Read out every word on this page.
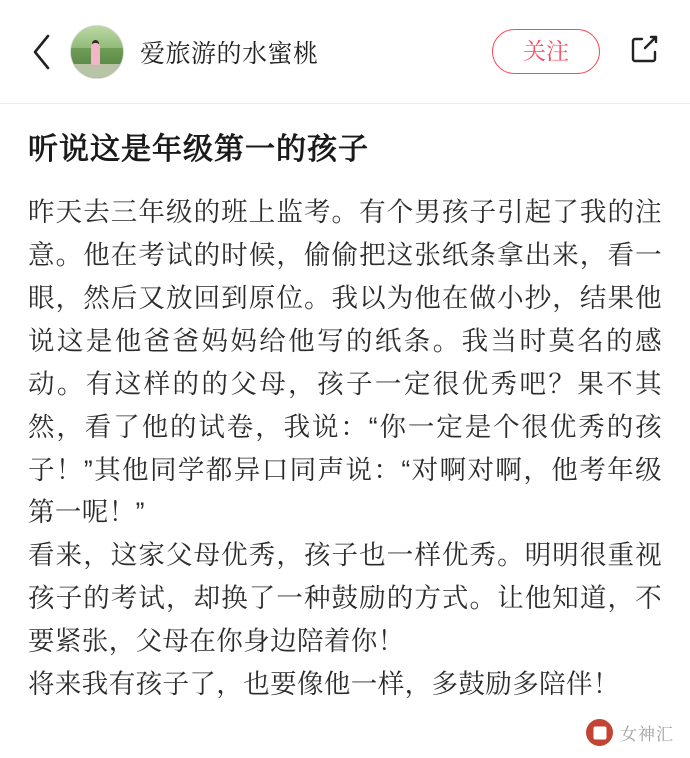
爱旅游的水蜜桃	关注
听说这是年级第一的孩子

昨天去三年级的班上监考。有个男孩子引起了我的注意。他在考试的时候，偷偷把这张纸条拿出来，看一眼，然后又放回到原位。我以为他在做小抄，结果他说这是他爸爸妈妈给他写的纸条。我当时莫名的感动。有这样的的父母，孩子一定很优秀吧？果不其然，看了他的试卷，我说：“你一定是个很优秀的孩子！”其他同学都异口同声说：“对啊对啊，他考年级第一呢！”

看来，这家父母优秀，孩子也一样优秀。明明很重视孩子的考试，却换了一种鼓励的方式。让他知道，不要紧张，父母在你身边陪着你！

将来我有孩子了，也要像他一样，多鼓励多陪伴！

女神汇
